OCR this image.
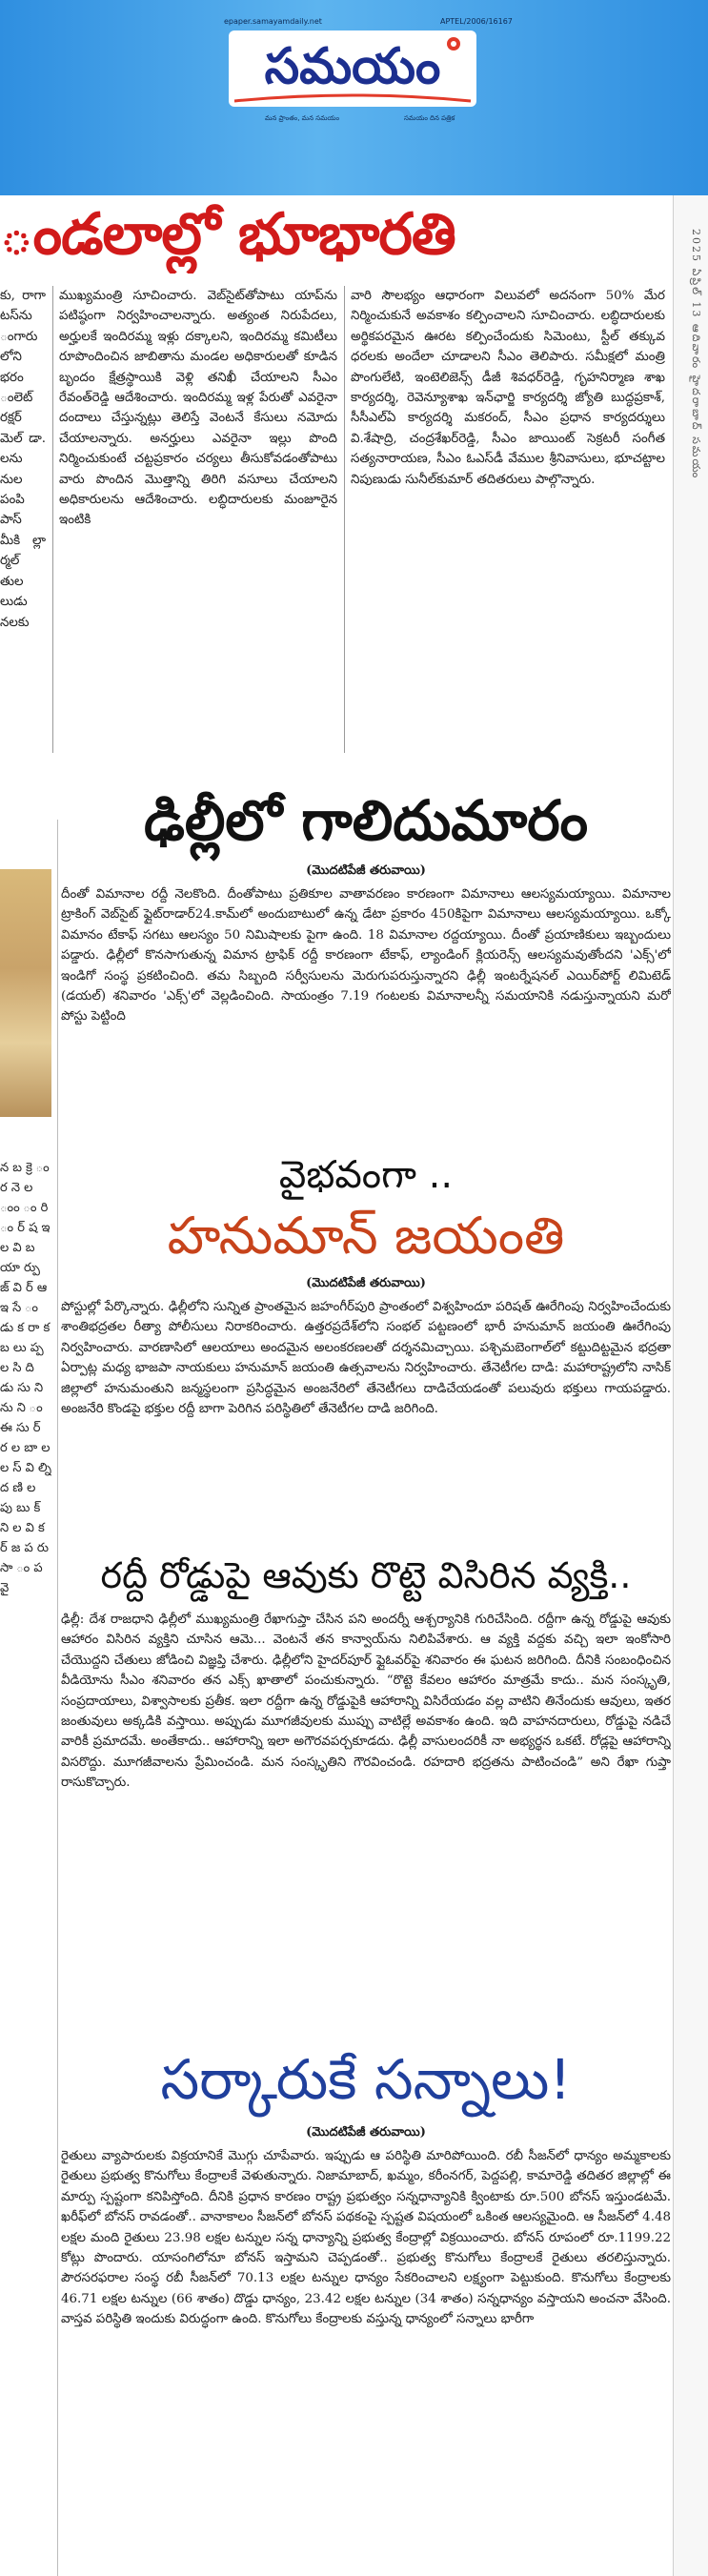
epaper.samayamdaily.net	APTEL/2006/16167
సమయం
మన ప్రాంతం, మన సమయం	సమయం దిన పత్రిక
ండలాల్లో భూభారతి
కు, రాగా టస్‌ను ంగారు లోని భరం ంలెట్ రక్షర్ మెల్ డా. లను నుల పంపి పాస్ మీకి ల్లా ర్మల్ తుల లుడు నలకు
ముఖ్యమంత్రి సూచించారు. వెబ్‌సైట్‌తోపాటు యాప్‌ను పటిష్ఠంగా నిర్వహించాలన్నారు. అత్యంత నిరుపేదలు, అర్హులకే ఇందిరమ్మ ఇళ్లు దక్కాలని, ఇందిరమ్మ కమిటీలు రూపొందించిన జాబితాను మండల అధికారులతో కూడిన బృందం క్షేత్రస్థాయికి వెళ్లి తనిఖీ చేయాలని సీఎం రేవంత్‌రెడ్డి ఆదేశించారు. ఇందిరమ్మ ఇళ్ల పేరుతో ఎవరైనా దందాలు చేస్తున్నట్లు తెలిస్తే వెంటనే కేసులు నమోదు చేయాలన్నారు. అనర్హులు ఎవరైనా ఇల్లు పొంది నిర్మించుకుంటే చట్టప్రకారం చర్యలు తీసుకోవడంతోపాటు వారు పొందిన మొత్తాన్ని తిరిగి వసూలు చేయాలని అధికారులను ఆదేశించారు. లబ్ధిదారులకు మంజూరైన ఇంటికి
వారి సౌలభ్యం ఆధారంగా విలువలో అదనంగా 50% మేర నిర్మించుకునే అవకాశం కల్పించాలని సూచించారు. లబ్ధిదారులకు అర్థికపరమైన ఊరట కల్పించేందుకు సిమెంటు, స్టీల్ తక్కువ ధరలకు అందేలా చూడాలని సీఎం తెలిపారు. సమీక్షలో మంత్రి పొంగులేటి, ఇంటెలిజెన్స్ డీజీ శివధర్‌రెడ్డి, గృహనిర్మాణ శాఖ కార్యదర్శి, రెవెన్యూశాఖ ఇన్‌ఛార్జి కార్యదర్శి జ్యోతి బుద్ధప్రకాశ్, సీసీఎల్ఏ కార్యదర్శి మకరంద్, సీఎం ప్రధాన కార్యదర్శులు వి.శేషాద్రి, చంద్రశేఖర్‌రెడ్డి, సీఎం జాయింట్ సెక్రటరీ సంగీత సత్యనారాయణ, సీఎం ఓఎస్‌డీ వేముల శ్రీనివాసులు, భూచట్టాల నిపుణుడు సునీల్‌కుమార్ తదితరులు పాల్గొన్నారు.
న బ క్రె ం ర నె ల ంం ం రి ం ర్ ష ఇ ల వి బ యా ర్పు జ్ వి ర్ ఆ ఇ సే ం డు క రా క బ లు ప్ప ల సి ది డు సు ని ను ని ం ఈ సు ర్ ర ల బా ల ల స్ వి ల్ని ద ణి ల పు బు క్ ని ల వి క ర్ జ ప రు సా ం ప వై
2025 ఏప్రిల్ 13 ఆదివారం హైదరాబాద్ సమయం
ఢిల్లీలో గాలిదుమారం
(మొదటిపేజీ తరువాయి)
దీంతో విమానాల రద్దీ నెలకొంది. దీంతోపాటు ప్రతికూల వాతావరణం కారణంగా విమానాలు ఆలస్యమయ్యాయి. విమానాల ట్రాకింగ్ వెబ్‌సైట్ ఫ్లైట్‌రాడార్24.కామ్‌లో అందుబాటులో ఉన్న డేటా ప్రకారం 450కిపైగా విమానాలు ఆలస్యమయ్యాయి. ఒక్కో విమానం టేకాఫ్ సగటు ఆలస్యం 50 నిమిషాలకు పైగా ఉంది. 18 విమానాల రద్దయ్యాయి. దీంతో ప్రయాణికులు ఇబ్బందులు పడ్డారు. ఢిల్లీలో కొనసాగుతున్న విమాన ట్రాఫిక్ రద్దీ కారణంగా టేకాఫ్, ల్యాండింగ్ క్లియరెన్స్ ఆలస్యమవుతోందని 'ఎక్స్‌'లో ఇండిగో సంస్థ ప్రకటించింది. తమ సిబ్బంది సర్వీసులను మెరుగుపరుస్తున్నారని ఢిల్లీ ఇంటర్నేషనల్ ఎయిర్‌పోర్ట్ లిమిటెడ్ (డయల్) శనివారం 'ఎక్స్‌'లో వెల్లడించింది. సాయంత్రం 7.19 గంటలకు విమానాలన్నీ సమయానికి నడుస్తున్నాయని మరో పోస్టు పెట్టింది
వైభవంగా ..
హనుమాన్ జయంతి
(మొదటిపేజీ తరువాయి)
పోస్టుల్లో పేర్కొన్నారు. ఢిల్లీలోని సున్నిత ప్రాంతమైన జహంగీర్‌పురి ప్రాంతంలో విశ్వహిందూ పరిషత్ ఊరేగింపు నిర్వహించేందుకు శాంతిభద్రతల రీత్యా పోలీసులు నిరాకరించారు. ఉత్తరప్రదేశ్‌లోని సంభల్ పట్టణంలో భారీ హనుమాన్ జయంతి ఊరేగింపు నిర్వహించారు. వారణాసిలో ఆలయాలు అందమైన అలంకరణలతో దర్శనమిచ్చాయి. పశ్చిమబెంగాల్‌లో కట్టుదిట్టమైన భద్రతా ఏర్పాట్ల మధ్య భాజపా నాయకులు హనుమాన్ జయంతి ఉత్సవాలను నిర్వహించారు. తేనెటీగల దాడి: మహారాష్ట్రలోని నాసిక్ జిల్లాలో హనుమంతుని జన్మస్థలంగా ప్రసిద్ధమైన అంజనేరిలో తేనెటీగలు దాడిచేయడంతో పలువురు భక్తులు గాయపడ్డారు. అంజనేరి కొండపై భక్తుల రద్దీ బాగా పెరిగిన పరిస్థితిలో తేనెటీగల దాడి జరిగింది.
రద్దీ రోడ్డుపై ఆవుకు రొట్టె విసిరిన వ్యక్తి..
ఢిల్లీ: దేశ రాజధాని ఢిల్లీలో ముఖ్యమంత్రి రేఖాగుప్తా చేసిన పని అందర్నీ ఆశ్చర్యానికి గురిచేసింది. రద్దీగా ఉన్న రోడ్డుపై ఆవుకు ఆహారం విసిరిన వ్యక్తిని చూసిన ఆమె... వెంటనే తన కాన్వాయ్‌ను నిలిపివేశారు. ఆ వ్యక్తి వద్దకు వచ్చి ఇలా ఇంకోసారి చేయొద్దని చేతులు జోడించి విజ్ఞప్తి చేశారు. ఢిల్లీలోని హైదర్‌పూర్ ఫ్లైఓవర్‌పై శనివారం ఈ ఘటన జరిగింది. దీనికి సంబంధించిన వీడియోను సీఎం శనివారం తన ఎక్స్ ఖాతాలో పంచుకున్నారు. “రొట్టె కేవలం ఆహారం మాత్రమే కాదు.. మన సంస్కృతి, సంప్రదాయాలు, విశ్వాసాలకు ప్రతీక. ఇలా రద్దీగా ఉన్న రోడ్డుపైకి ఆహారాన్ని విసిరేయడం వల్ల వాటిని తినేందుకు ఆవులు, ఇతర జంతువులు అక్కడికి వస్తాయి. అప్పుడు మూగజీవులకు ముప్పు వాటిల్లే అవకాశం ఉంది. ఇది వాహనదారులు, రోడ్డుపై నడిచే వారికీ ప్రమాదమే. అంతేకాదు.. ఆహారాన్ని ఇలా అగౌరవపర్చకూడదు. ఢిల్లీ వాసులందరికీ నా అభ్యర్థన ఒకటే. రోడ్లపై ఆహారాన్ని విసరొద్దు. మూగజీవాలను ప్రేమించండి. మన సంస్కృతిని గౌరవించండి. రహదారి భద్రతను పాటించండి” అని రేఖా గుప్తా రాసుకొచ్చారు.
సర్కారుకే సన్నాలు!
(మొదటిపేజీ తరువాయి)
రైతులు వ్యాపారులకు విక్రయానికే మొగ్గు చూపేవారు. ఇప్పుడు ఆ పరిస్థితి మారిపోయింది. రబీ సీజన్‌లో ధాన్యం అమ్మకాలకు రైతులు ప్రభుత్వ కొనుగోలు కేంద్రాలకే వెళుతున్నారు. నిజామాబాద్, ఖమ్మం, కరీంనగర్, పెద్దపల్లి, కామారెడ్డి తదితర జిల్లాల్లో ఈ మార్పు స్పష్టంగా కనిపిస్తోంది. దీనికి ప్రధాన కారణం రాష్ట్ర ప్రభుత్వం సన్నధాన్యానికి క్వింటాకు రూ.500 బోనస్ ఇస్తుండటమే. ఖరీఫ్‌లో బోనస్ రావడంతో.. వానాకాలం సీజన్‌లో బోనస్ పథకంపై స్పష్టత విషయంలో ఒకింత ఆలస్యమైంది. ఆ సీజన్‌లో 4.48 లక్షల మంది రైతులు 23.98 లక్షల టన్నుల సన్న ధాన్యాన్ని ప్రభుత్వ కేంద్రాల్లో విక్రయించారు. బోనస్ రూపంలో రూ.1199.22 కోట్లు పొందారు. యాసంగిలోనూ బోనస్ ఇస్తామని చెప్పడంతో.. ప్రభుత్వ కొనుగోలు కేంద్రాలకే రైతులు తరలిస్తున్నారు. పౌరసరఫరాల సంస్థ రబీ సీజన్‌లో 70.13 లక్షల టన్నుల ధాన్యం సేకరించాలని లక్ష్యంగా పెట్టుకుంది. కొనుగోలు కేంద్రాలకు 46.71 లక్షల టన్నుల (66 శాతం) దొడ్డు ధాన్యం, 23.42 లక్షల టన్నుల (34 శాతం) సన్నధాన్యం వస్తాయని అంచనా వేసింది. వాస్తవ పరిస్థితి ఇందుకు విరుద్ధంగా ఉంది. కొనుగోలు కేంద్రాలకు వస్తున్న ధాన్యంలో సన్నాలు భారీగా
